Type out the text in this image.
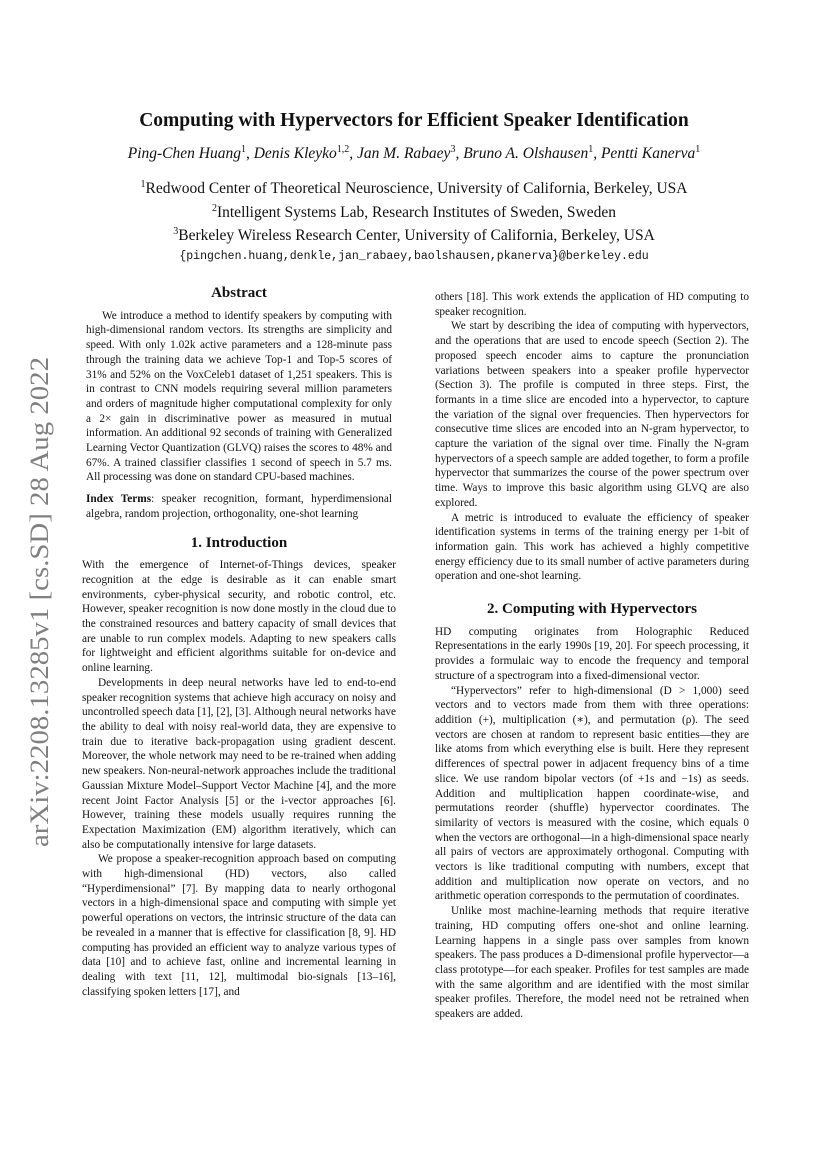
arXiv:2208.13285v1 [cs.SD] 28 Aug 2022
Computing with Hypervectors for Efficient Speaker Identification
Ping-Chen Huang$^1$, Denis Kleyko$^{1,2}$, Jan M. Rabaey$^3$, Bruno A. Olshausen$^1$, Pentti Kanerva$^1$
$^1$Redwood Center of Theoretical Neuroscience, University of California, Berkeley, USA
$^2$Intelligent Systems Lab, Research Institutes of Sweden, Sweden
$^3$Berkeley Wireless Research Center, University of California, Berkeley, USA
{pingchen.huang,denkle,jan_rabaey,baolshausen,pkanerva}@berkeley.edu
Abstract

We introduce a method to identify speakers by computing with high-dimensional random vectors. Its strengths are simplicity and speed. With only 1.02k active parameters and a 128-minute pass through the training data we achieve Top-1 and Top-5 scores of 31% and 52% on the VoxCeleb1 dataset of 1,251 speakers. This is in contrast to CNN models requiring several million parameters and orders of magnitude higher computational complexity for only a 2× gain in discriminative power as measured in mutual information. An additional 92 seconds of training with Generalized Learning Vector Quantization (GLVQ) raises the scores to 48% and 67%. A trained classifier classifies 1 second of speech in 5.7 ms. All processing was done on standard CPU-based machines.

Index Terms: speaker recognition, formant, hyperdimensional algebra, random projection, orthogonality, one-shot learning

1. Introduction

With the emergence of Internet-of-Things devices, speaker recognition at the edge is desirable as it can enable smart environments, cyber-physical security, and robotic control, etc. However, speaker recognition is now done mostly in the cloud due to the constrained resources and battery capacity of small devices that are unable to run complex models. Adapting to new speakers calls for lightweight and efficient algorithms suitable for on-device and online learning.

Developments in deep neural networks have led to end-to-end speaker recognition systems that achieve high accuracy on noisy and uncontrolled speech data [1], [2], [3]. Although neural networks have the ability to deal with noisy real-world data, they are expensive to train due to iterative back-propagation using gradient descent. Moreover, the whole network may need to be re-trained when adding new speakers. Non-neural-network approaches include the traditional Gaussian Mixture Model–Support Vector Machine [4], and the more recent Joint Factor Analysis [5] or the i-vector approaches [6]. However, training these models usually requires running the Expectation Maximization (EM) algorithm iteratively, which can also be computationally intensive for large datasets.

We propose a speaker-recognition approach based on computing with high-dimensional (HD) vectors, also called “Hyperdimensional” [7]. By mapping data to nearly orthogonal vectors in a high-dimensional space and computing with simple yet powerful operations on vectors, the intrinsic structure of the data can be revealed in a manner that is effective for classification [8, 9]. HD computing has provided an efficient way to analyze various types of data [10] and to achieve fast, online and incremental learning in dealing with text [11, 12], multimodal bio-signals [13–16], classifying spoken letters [17], and

others [18]. This work extends the application of HD computing to speaker recognition.

We start by describing the idea of computing with hypervectors, and the operations that are used to encode speech (Section 2). The proposed speech encoder aims to capture the pronunciation variations between speakers into a speaker profile hypervector (Section 3). The profile is computed in three steps. First, the formants in a time slice are encoded into a hypervector, to capture the variation of the signal over frequencies. Then hypervectors for consecutive time slices are encoded into an N-gram hypervector, to capture the variation of the signal over time. Finally the N-gram hypervectors of a speech sample are added together, to form a profile hypervector that summarizes the course of the power spectrum over time. Ways to improve this basic algorithm using GLVQ are also explored.

A metric is introduced to evaluate the efficiency of speaker identification systems in terms of the training energy per 1-bit of information gain. This work has achieved a highly competitive energy efficiency due to its small number of active parameters during operation and one-shot learning.

2. Computing with Hypervectors

HD computing originates from Holographic Reduced Representations in the early 1990s [19, 20]. For speech processing, it provides a formulaic way to encode the frequency and temporal structure of a spectrogram into a fixed-dimensional vector.

“Hypervectors” refer to high-dimensional (D > 1,000) seed vectors and to vectors made from them with three operations: addition (+), multiplication (∗), and permutation (ρ). The seed vectors are chosen at random to represent basic entities—they are like atoms from which everything else is built. Here they represent differences of spectral power in adjacent frequency bins of a time slice. We use random bipolar vectors (of +1s and −1s) as seeds. Addition and multiplication happen coordinate-wise, and permutations reorder (shuffle) hypervector coordinates. The similarity of vectors is measured with the cosine, which equals 0 when the vectors are orthogonal—in a high-dimensional space nearly all pairs of vectors are approximately orthogonal. Computing with vectors is like traditional computing with numbers, except that addition and multiplication now operate on vectors, and no arithmetic operation corresponds to the permutation of coordinates.

Unlike most machine-learning methods that require iterative training, HD computing offers one-shot and online learning. Learning happens in a single pass over samples from known speakers. The pass produces a D-dimensional profile hypervector—a class prototype—for each speaker. Profiles for test samples are made with the same algorithm and are identified with the most similar speaker profiles. Therefore, the model need not be retrained when speakers are added.
